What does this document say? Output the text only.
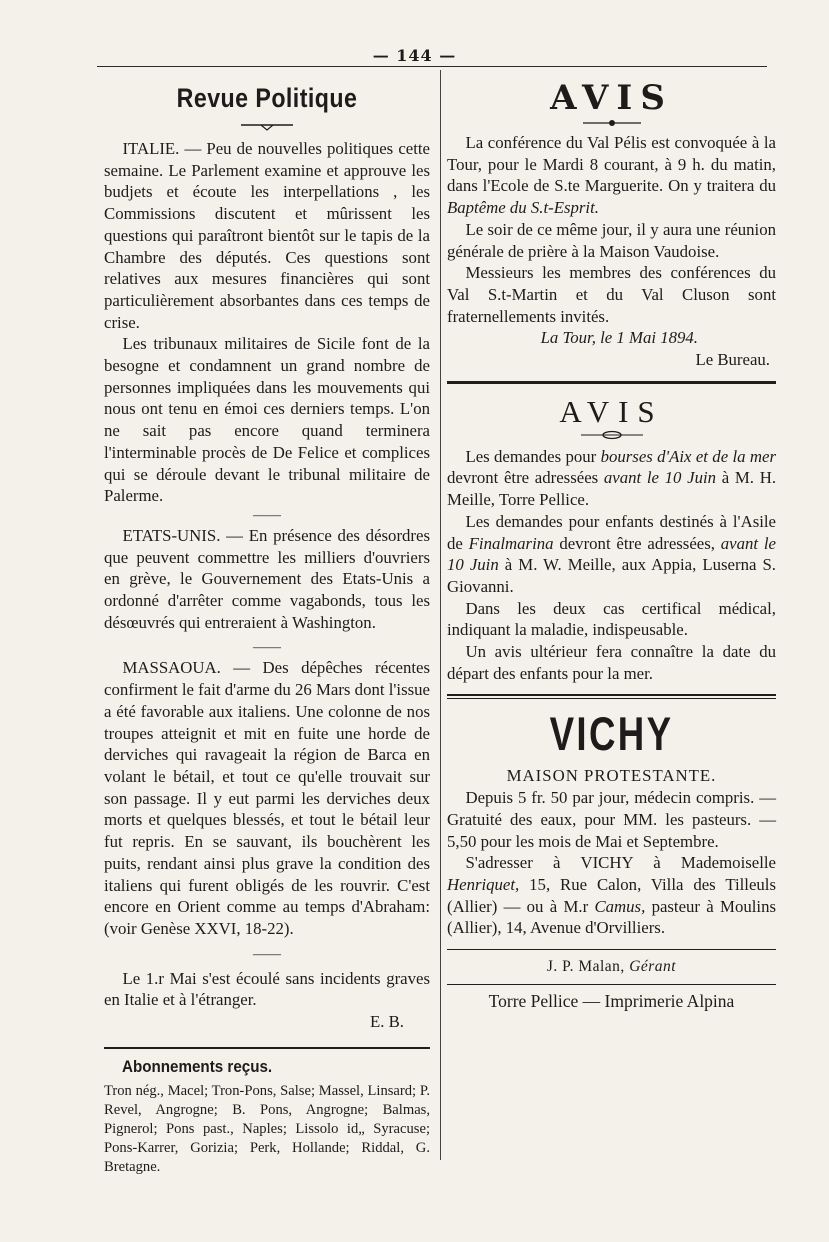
— 144 —
Revue Politique

ITALIE. — Peu de nouvelles politiques cette semaine. Le Parlement examine et approuve les budjets et écoute les interpellations , les Commissions discutent et mûrissent les questions qui paraîtront bientôt sur le tapis de la Chambre des députés. Ces questions sont relatives aux mesures financières qui sont particulièrement absorbantes dans ces temps de crise.

Les tribunaux militaires de Sicile font de la besogne et condamnent un grand nombre de personnes impliquées dans les mouvements qui nous ont tenu en émoi ces derniers temps. L'on ne sait pas encore quand terminera l'interminable procès de De Felice et complices qui se déroule devant le tribunal militaire de Palerme.

——

ETATS-UNIS. — En présence des désordres que peuvent commettre les milliers d'ouvriers en grève, le Gouvernement des Etats-Unis a ordonné d'arrêter comme vagabonds, tous les désœuvrés qui entreraient à Washington.

——

MASSAOUA. — Des dépêches récentes confirment le fait d'arme du 26 Mars dont l'issue a été favorable aux italiens. Une colonne de nos troupes atteignit et mit en fuite une horde de derviches qui ravageait la région de Barca en volant le bétail, et tout ce qu'elle trouvait sur son passage. Il y eut parmi les derviches deux morts et quelques blessés, et tout le bétail leur fut repris. En se sauvant, ils bouchèrent les puits, rendant ainsi plus grave la condition des italiens qui furent obligés de les rouvrir. C'est encore en Orient comme au temps d'Abraham: (voir Genèse XXVI, 18-22).

——

Le 1.r Mai s'est écoulé sans incidents graves en Italie et à l'étranger.

E. B.
Abonnements reçus.

Tron nég., Macel; Tron-Pons, Salse; Massel, Linsard; P. Revel, Angrogne; B. Pons, Angrogne; Balmas, Pignerol; Pons past., Naples; Lissolo id„ Syracuse; Pons-Karrer, Gorizia; Perk, Hollande; Riddal, G. Bretagne.

AVIS

La conférence du Val Pélis est convoquée à la Tour, pour le Mardi 8 courant, à 9 h. du matin, dans l'Ecole de S.te Marguerite. On y traitera du Baptême du S.t-Esprit.

Le soir de ce même jour, il y aura une réunion générale de prière à la Maison Vaudoise.

Messieurs les membres des conférences du Val S.t-Martin et du Val Cluson sont fraternellements invités.

La Tour, le 1 Mai 1894.
Le Bureau.
AVIS

Les demandes pour bourses d'Aix et de la mer devront être adressées avant le 10 Juin à M. H. Meille, Torre Pellice.

Les demandes pour enfants destinés à l'Asile de Finalmarina devront être adressées, avant le 10 Juin à M. W. Meille, aux Appia, Luserna S. Giovanni.

Dans les deux cas certifical médical, indiquant la maladie, indispeusable.

Un avis ultérieur fera connaître la date du départ des enfants pour la mer.

VICHY
MAISON PROTESTANTE.

Depuis 5 fr. 50 par jour, médecin compris. — Gratuité des eaux, pour MM. les pasteurs. — 5,50 pour les mois de Mai et Septembre.

S'adresser à VICHY à Mademoiselle Henriquet, 15, Rue Calon, Villa des Tilleuls (Allier) — ou à M.r Camus, pasteur à Moulins (Allier), 14, Avenue d'Orvilliers.

J. P. Malan, Gérant
Torre Pellice — Imprimerie Alpina
